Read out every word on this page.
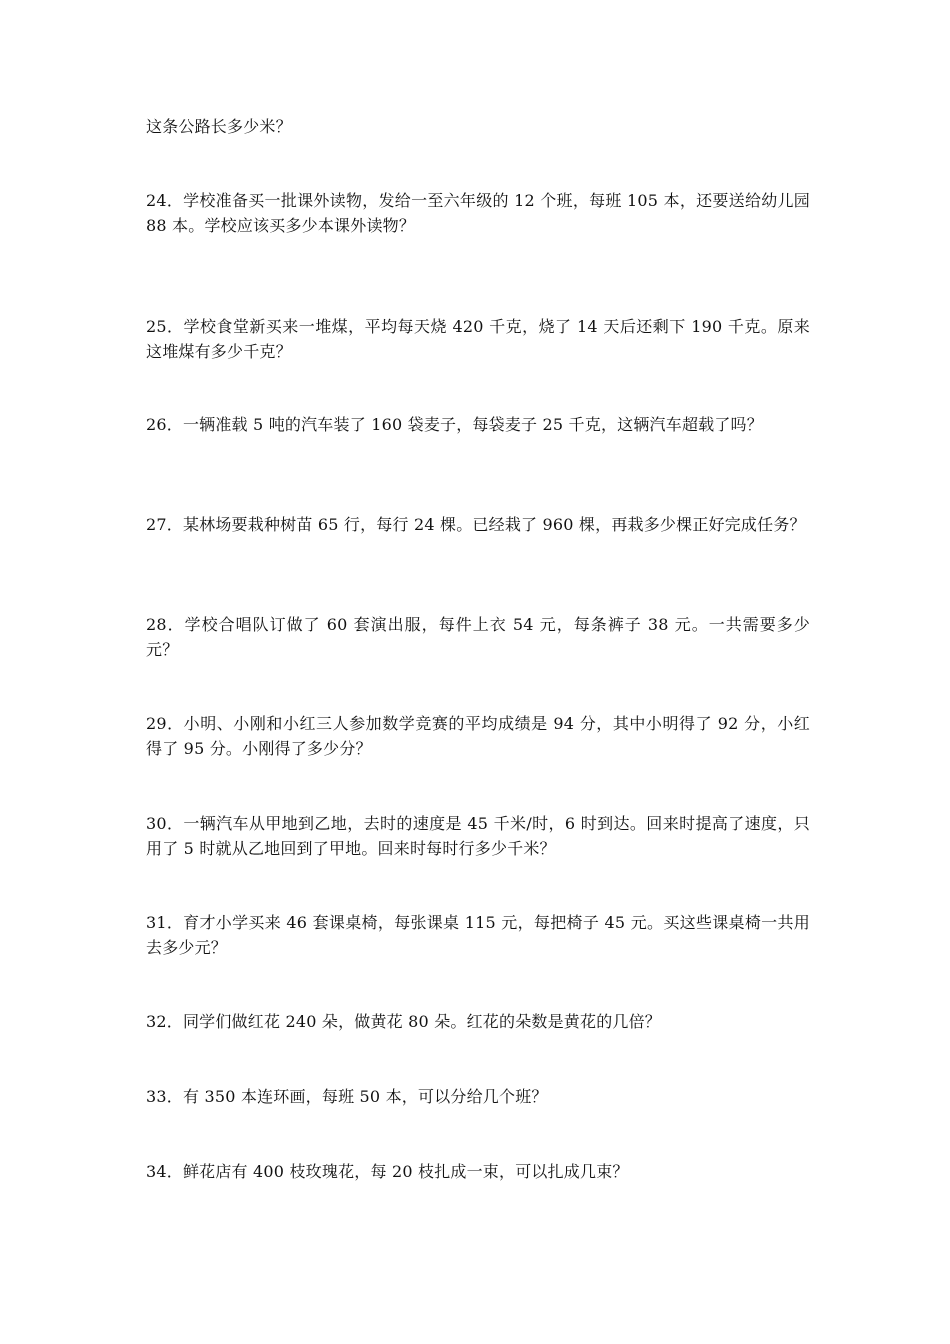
这条公路长多少米？

24．学校准备买一批课外读物，发给一至六年级的 12 个班，每班 105 本，还要送给幼儿园 88 本。学校应该买多少本课外读物？

25．学校食堂新买来一堆煤，平均每天烧 420 千克，烧了 14 天后还剩下 190 千克。原来这堆煤有多少千克？

26．一辆准载 5 吨的汽车装了 160 袋麦子，每袋麦子 25 千克，这辆汽车超载了吗？

27．某林场要栽种树苗 65 行，每行 24 棵。已经栽了 960 棵，再栽多少棵正好完成任务？

28．学校合唱队订做了 60 套演出服，每件上衣 54 元，每条裤子 38 元。一共需要多少元？

29．小明、小刚和小红三人参加数学竞赛的平均成绩是 94 分，其中小明得了 92 分，小红得了 95 分。小刚得了多少分？

30．一辆汽车从甲地到乙地，去时的速度是 45 千米/时，6 时到达。回来时提高了速度，只用了 5 时就从乙地回到了甲地。回来时每时行多少千米？

31．育才小学买来 46 套课桌椅，每张课桌 115 元，每把椅子 45 元。买这些课桌椅一共用去多少元？

32．同学们做红花 240 朵，做黄花 80 朵。红花的朵数是黄花的几倍？

33．有 350 本连环画，每班 50 本，可以分给几个班？

34．鲜花店有 400 枝玫瑰花，每 20 枝扎成一束，可以扎成几束？
